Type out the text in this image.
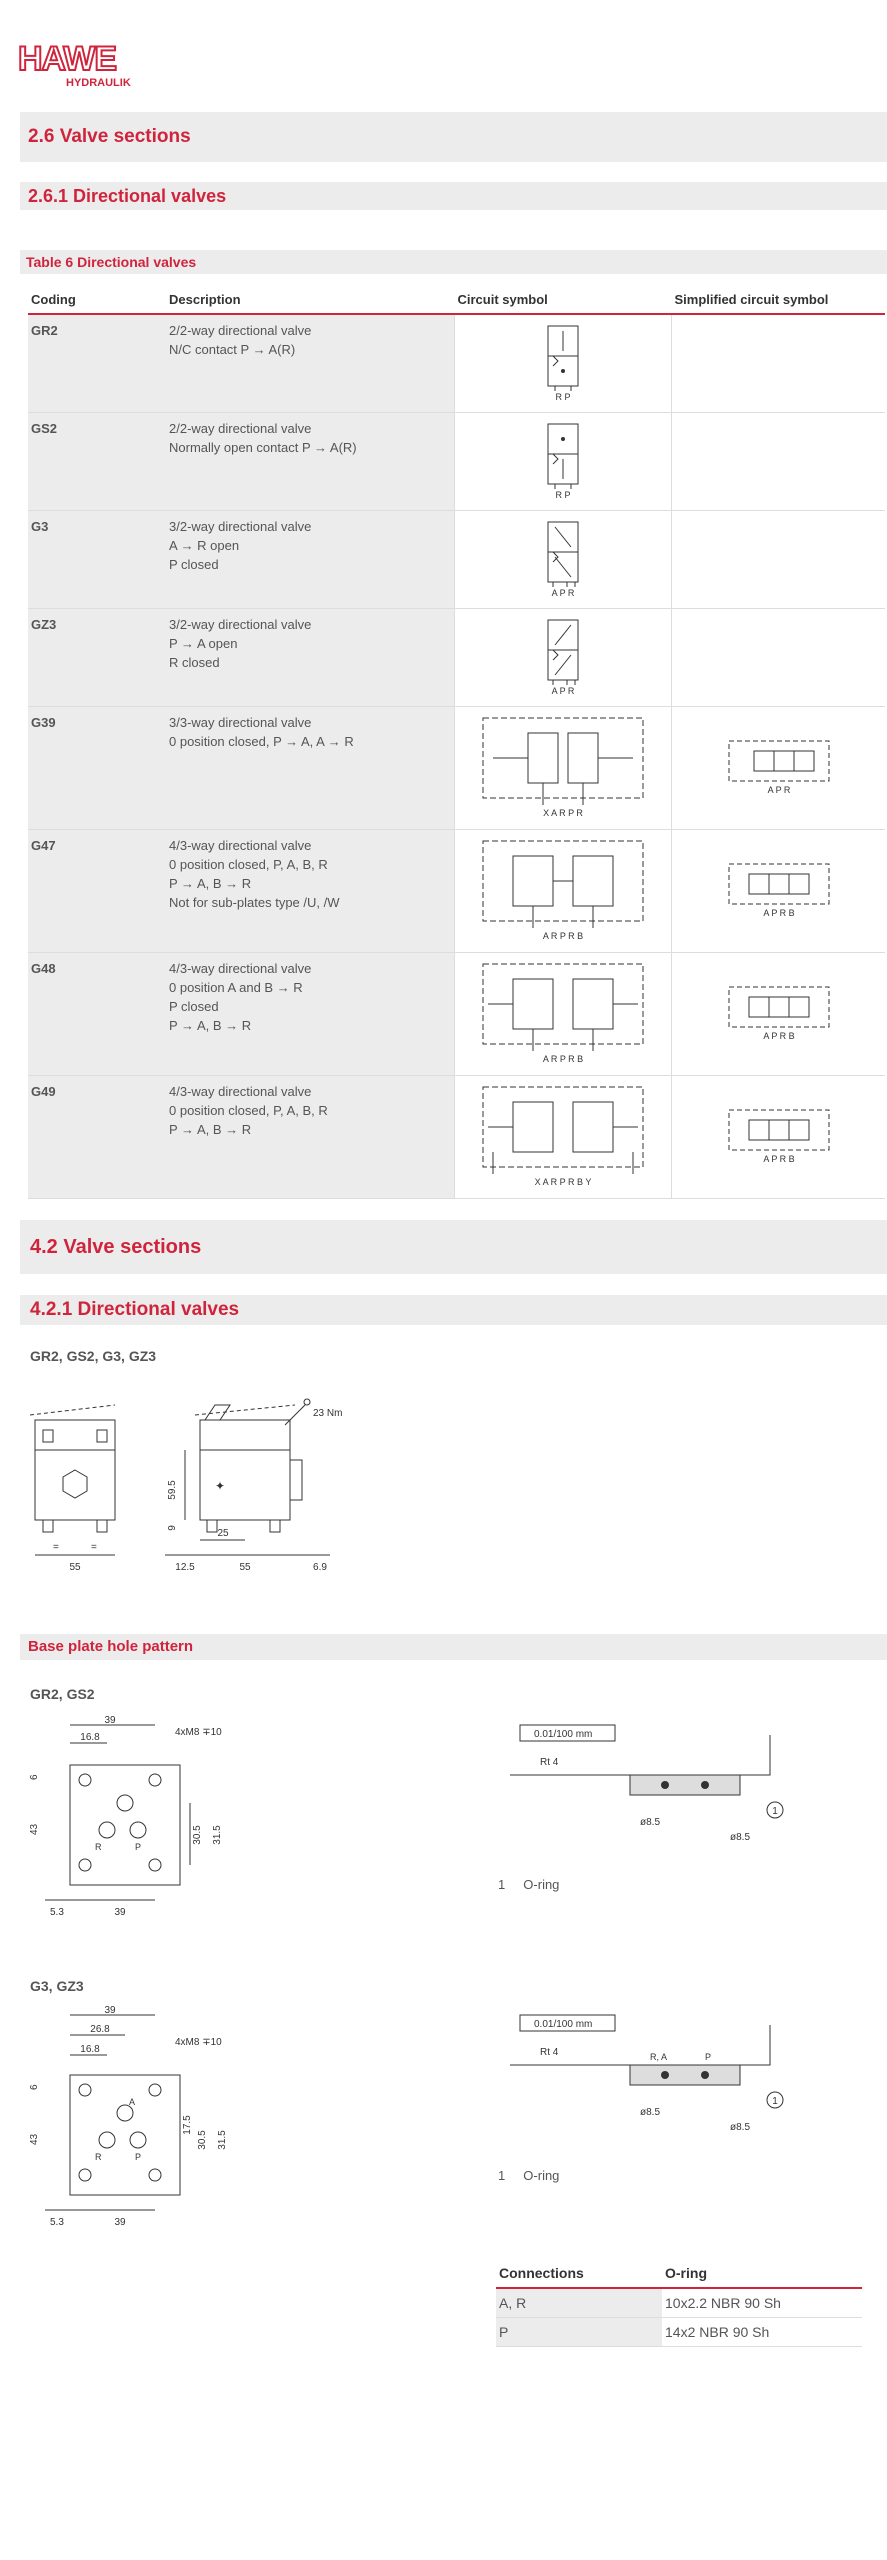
HAWE
HYDRAULIK
2.6 Valve sections
2.6.1 Directional valves
Table 6 Directional valves
Coding	Description	Circuit symbol	Simplified circuit symbol
GR2	2/2-way directional valve
N/C contact P → A(R)	R P	

GS2	2/2-way directional valve
Normally open contact P → A(R)	R P	

G3	3/2-way directional valve
A → R open
P closed	A P R	

GZ3	3/2-way directional valve
P → A open
R closed	A P R	

G39	3/3-way directional valve
0 position closed, P → A, A → R	X A R P R	A P R

G47	4/3-way directional valve
0 position closed, P, A, B, R
P → A, B → R
Not for sub-plates type /U, /W	A R P R B	A P R B

G48	4/3-way directional valve
0 position A and B → R
P closed
P → A, B → R	A R P R B	A P R B

G49	4/3-way directional valve
0 position closed, P, A, B, R
P → A, B → R	X A R P R B Y	A P R B
4.2 Valve sections
4.2.1 Directional valves
GR2, GS2, G3, GZ3
=	=
55
✦
23 Nm
59.5
9	25
12.5	55	6.9
Base plate hole pattern
GR2, GS2
39
16.8	4xM8 ∓10
R	P
6
43	30.5 31.5
5.3	39
0.01/100 mm
Rt 4
ø8.5
ø8.5
1
1 O-ring
G3, GZ3
39
26.8
16.8
4xM8 ∓10
A
R	P
6
43
17.5
30.5 31.5
5.3	39
0.01/100 mm
Rt 4	R, A	P
ø8.5
ø8.5
1
1 O-ring
Connections	O-ring
A, R	10x2.2 NBR 90 Sh
P	14x2 NBR 90 Sh
